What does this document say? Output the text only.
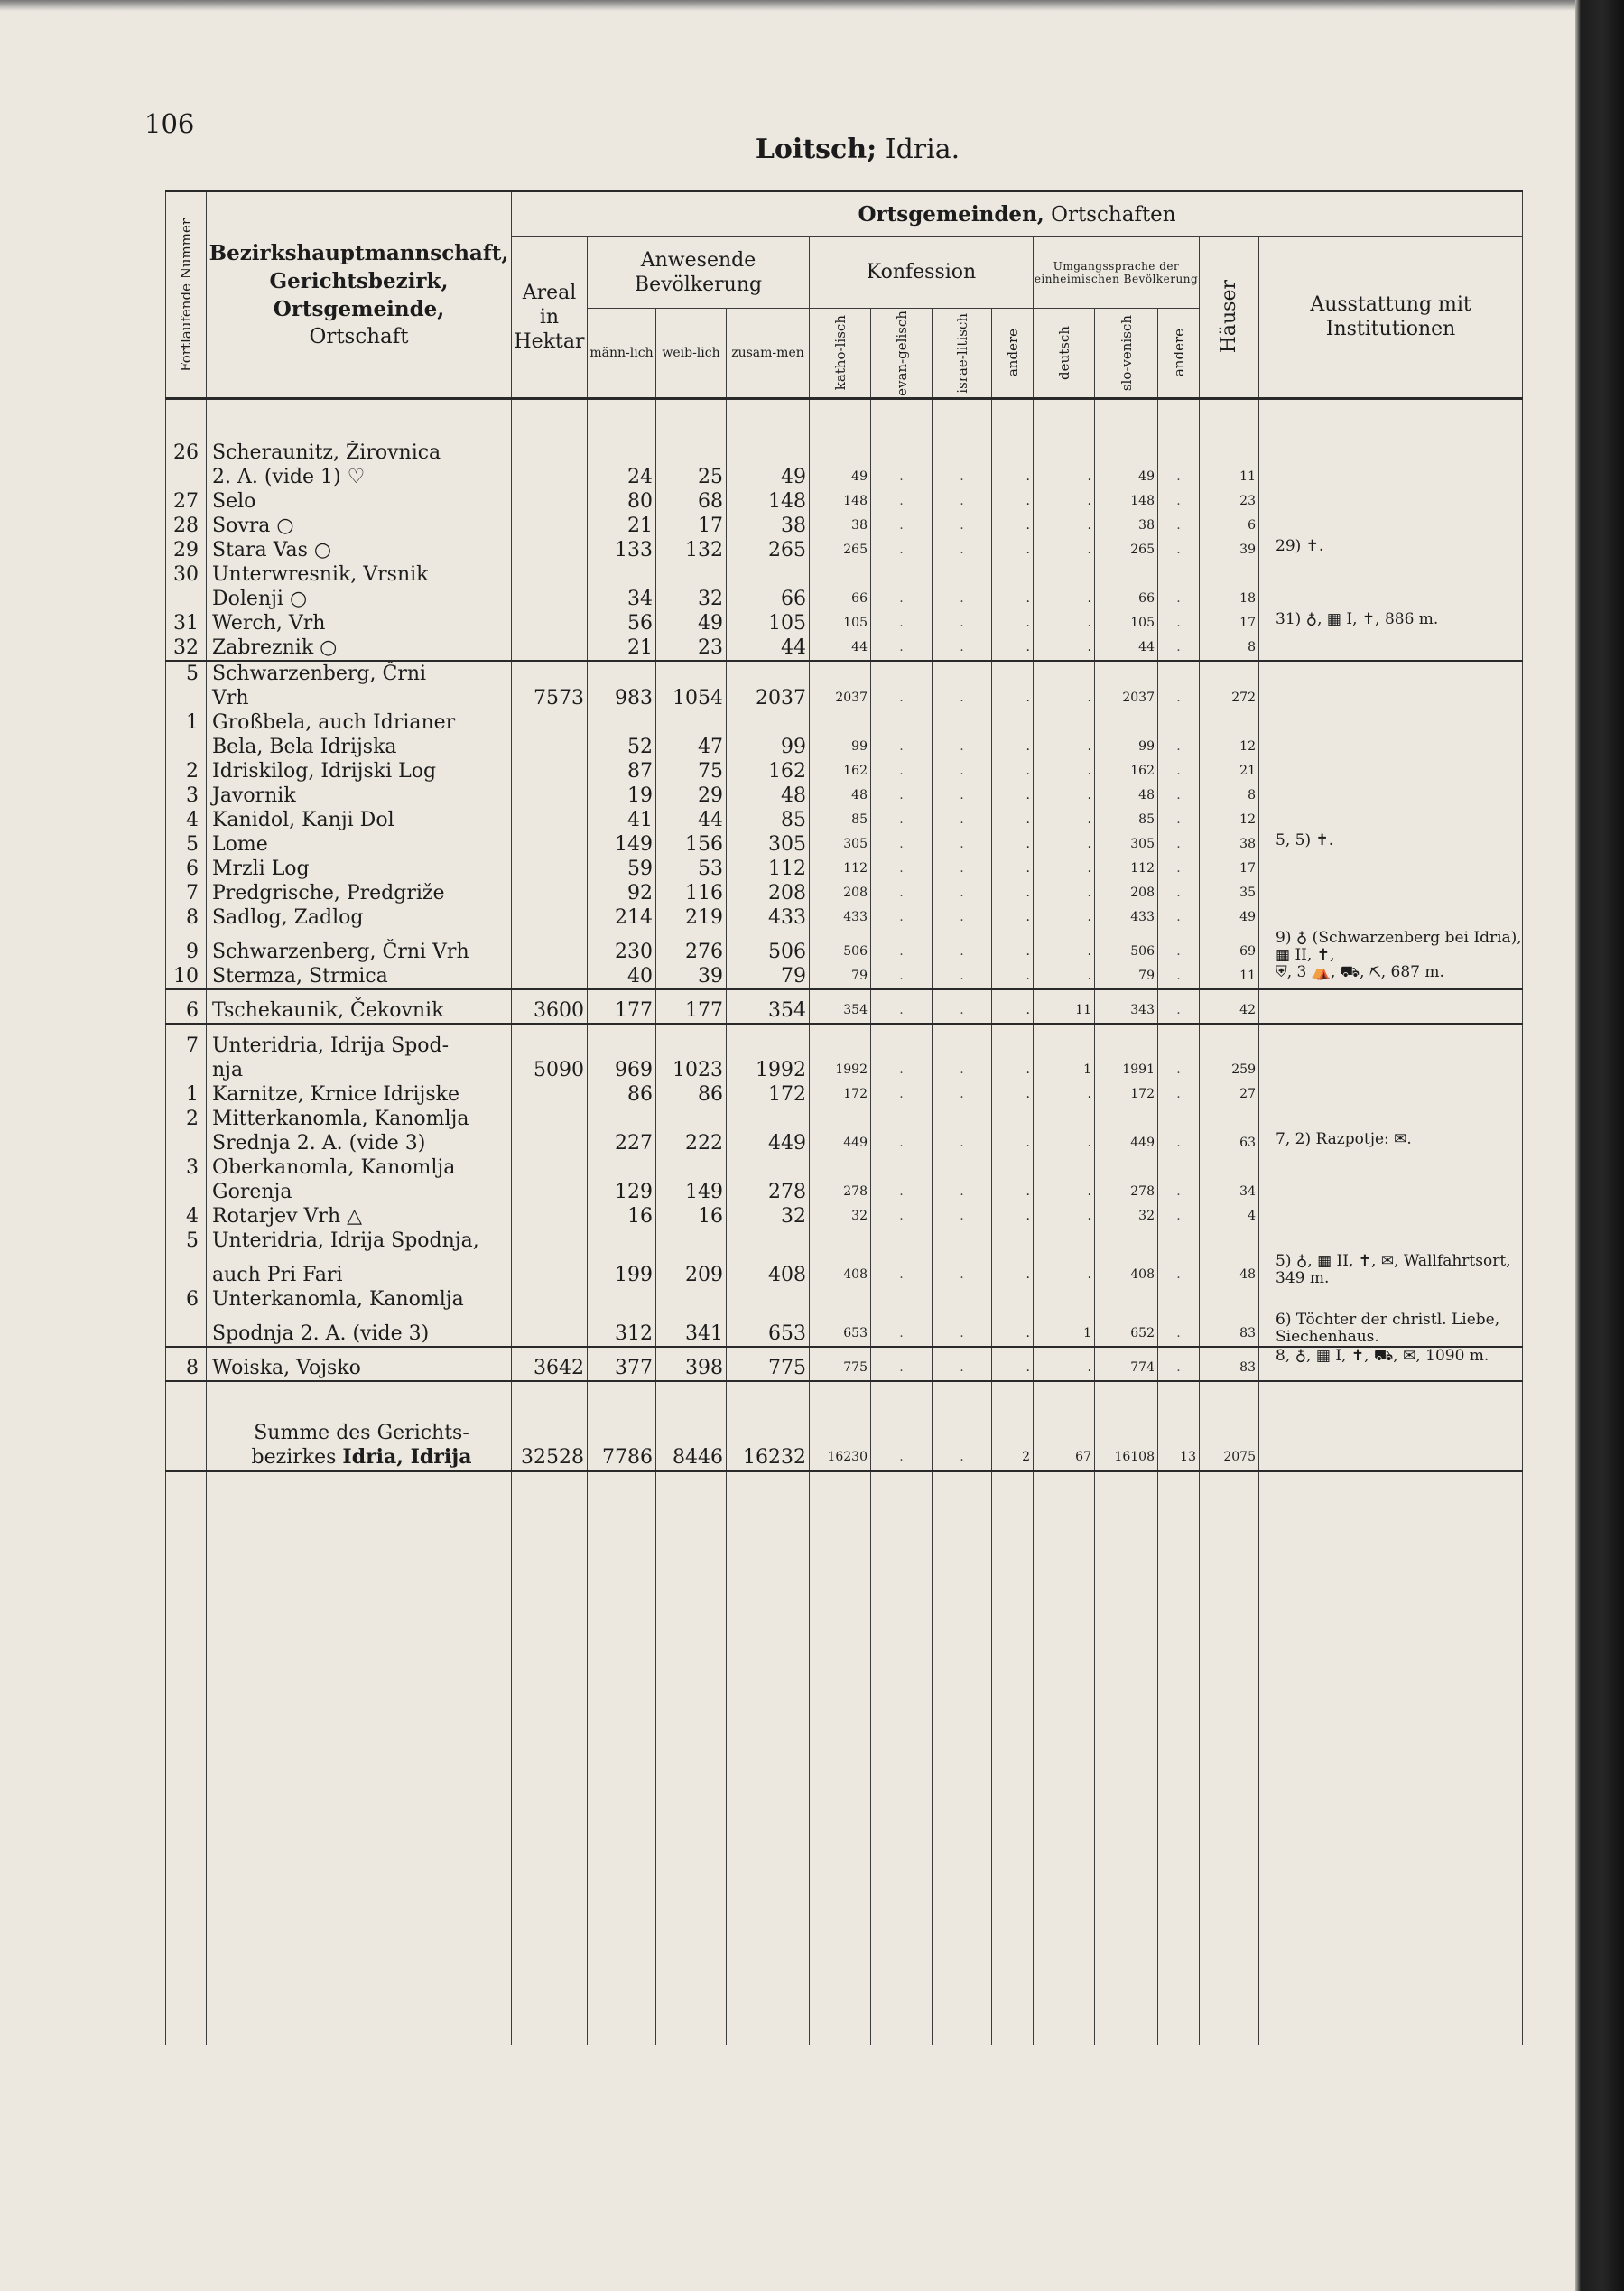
106
Loitsch; Idria.
Fortlaufende Nummer	Bezirkshauptmannschaft,
Gerichtsbezirk,
Ortsgemeinde,
Ortschaft	Ortsgemeinden, Ortschaften												
		Areal in Hektar	Anwesende Bevölkerung			Konfession				Umgangssprache der einheimischen Bevölkerung			Häuser	Ausstattung mit Institutionen
			männ-lich	weib-lich	zusam-men	katho-lisch	evan-gelisch	israe-litisch	andere	deutsch	slo-venisch	andere		

26	Scheraunitz, Žirovnica													
	2. A. (vide 1) ♡		24	25	49	49	.	.	.	.	49	.	11	
27	Selo		80	68	148	148	.	.	.	.	148	.	23	
28	Sovra ○		21	17	38	38	.	.	.	.	38	.	6	
29	Stara Vas ○		133	132	265	265	.	.	.	.	265	.	39	29) ✝.
30	Unterwresnik, Vrsnik													
	Dolenji ○		34	32	66	66	.	.	.	.	66	.	18	
31	Werch, Vrh		56	49	105	105	.	.	.	.	105	.	17	31) ♁, ▦ I, ✝, 886 m.
32	Zabreznik ○		21	23	44	44	.	.	.	.	44	.	8	
5	Schwarzenberg, Črni													
	Vrh	7573	983	1054	2037	2037	.	.	.	.	2037	.	272	
1	Großbela, auch Idrianer													
	Bela, Bela Idrijska		52	47	99	99	.	.	.	.	99	.	12	
2	Idriskilog, Idrijski Log		87	75	162	162	.	.	.	.	162	.	21	
3	Javornik		19	29	48	48	.	.	.	.	48	.	8	
4	Kanidol, Kanji Dol		41	44	85	85	.	.	.	.	85	.	12	
5	Lome		149	156	305	305	.	.	.	.	305	.	38	5, 5) ✝.
6	Mrzli Log		59	53	112	112	.	.	.	.	112	.	17	
7	Predgrische, Predgriže		92	116	208	208	.	.	.	.	208	.	35	
8	Sadlog, Zadlog		214	219	433	433	.	.	.	.	433	.	49	
9	Schwarzenberg, Črni Vrh		230	276	506	506	.	.	.	.	506	.	69	9) ♁ (Schwarzenberg bei Idria), ▦ II, ✝,
10	Stermza, Strmica		40	39	79	79	.	.	.	.	79	.	11	⛨, 3 ⛺, ⛟, ⛏, 687 m.
6	Tschekaunik, Čekovnik	3600	177	177	354	354	.	.	.	11	343	.	42	
7	Unteridria, Idrija Spod-													
	nja	5090	969	1023	1992	1992	.	.	.	1	1991	.	259	
1	Karnitze, Krnice Idrijske		86	86	172	172	.	.	.	.	172	.	27	
2	Mitterkanomla, Kanomlja													
	Srednja 2. A. (vide 3)		227	222	449	449	.	.	.	.	449	.	63	7, 2) Razpotje: ✉.
3	Oberkanomla, Kanomlja													
	Gorenja		129	149	278	278	.	.	.	.	278	.	34	
4	Rotarjev Vrh △		16	16	32	32	.	.	.	.	32	.	4	
5	Unteridria, Idrija Spodnja,													
	auch Pri Fari		199	209	408	408	.	.	.	.	408	.	48	5) ♁, ▦ II, ✝, ✉, Wallfahrtsort, 349 m.
6	Unterkanomla, Kanomlja													
	Spodnja 2. A. (vide 3)		312	341	653	653	.	.	.	1	652	.	83	6) Töchter der christl. Liebe, Siechenhaus.
8	Woiska, Vojsko	3642	377	398	775	775	.	.	.	.	774	.	83	8, ♁, ▦ I, ✝, ⛟, ✉, 1090 m.

	Summe des Gerichts-
bezirkes Idria, Idrija	32528	7786	8446	16232	16230	.	.	2	67	16108	13	2075	
